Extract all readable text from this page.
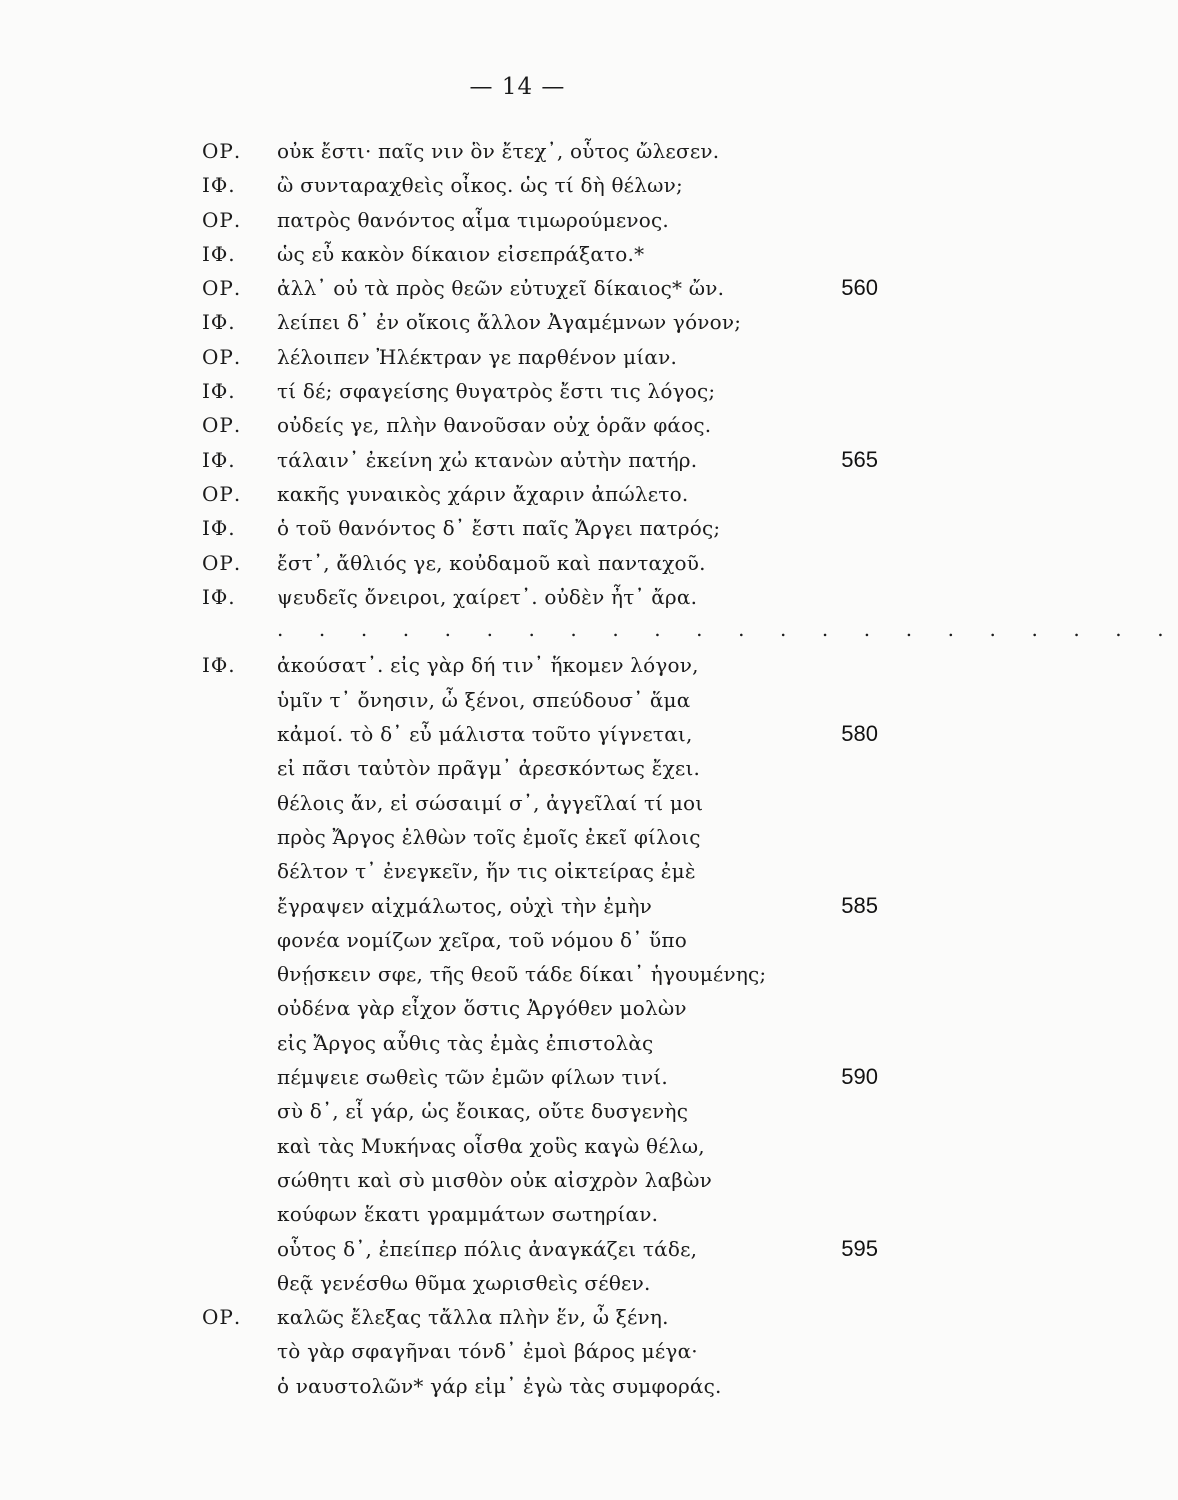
— 14 —
ΟΡ. οὐκ ἔστι· παῖς νιν ὃν ἔτεχ᾽, οὗτος ὤλεσεν.
ΙΦ. ὢ συνταραχθεὶς οἶκος. ὡς τί δὴ θέλων;
ΟΡ. πατρὸς θανόντος αἷμα τιμωρούμενος.
ΙΦ. ὡς εὖ κακὸν δίκαιον εἰσεπράξατο.*
ΟΡ. ἀλλ᾽ οὐ τὰ πρὸς θεῶν εὐτυχεῖ δίκαιος* ὤν.	560
ΙΦ. λείπει δ᾽ ἐν οἴκοις ἄλλον Ἀγαμέμνων γόνον;
ΟΡ. λέλοιπεν Ἠλέκτραν γε παρθένον μίαν.
ΙΦ. τί δέ; σφαγείσης θυγατρὸς ἔστι τις λόγος;
ΟΡ. οὐδείς γε, πλὴν θανοῦσαν οὐχ ὁρᾶν φάος.
ΙΦ. τάλαιν᾽ ἐκείνη χὠ κτανὼν αὐτὴν πατήρ.	565
ΟΡ. κακῆς γυναικὸς χάριν ἄχαριν ἀπώλετο.
ΙΦ. ὁ τοῦ θανόντος δ᾽ ἔστι παῖς Ἄργει πατρός;
ΟΡ. ἔστ᾽, ἄθλιός γε, κοὐδαμοῦ καὶ πανταχοῦ.
ΙΦ. ψευδεῖς ὄνειροι, χαίρετ᾽. οὐδὲν ἦτ᾽ ἄρα.
. . . . . . . . . . . . . . . . . . . . . .
ΙΦ. ἀκούσατ᾽. εἰς γὰρ δή τιν᾽ ἥκομεν λόγον,
ὑμῖν τ᾽ ὄνησιν, ὦ ξένοι, σπεύδουσ᾽ ἅμα
κἀμοί. τὸ δ᾽ εὖ μάλιστα τοῦτο γίγνεται,	580
εἰ πᾶσι ταὐτὸν πρᾶγμ᾽ ἀρεσκόντως ἔχει.
θέλοις ἄν, εἰ σώσαιμί σ᾽, ἀγγεῖλαί τί μοι
πρὸς Ἄργος ἐλθὼν τοῖς ἐμοῖς ἐκεῖ φίλοις
δέλτον τ᾽ ἐνεγκεῖν, ἥν τις οἰκτείρας ἐμὲ
ἔγραψεν αἰχμάλωτος, οὐχὶ τὴν ἐμὴν	585
φονέα νομίζων χεῖρα, τοῦ νόμου δ᾽ ὕπο
θνῄσκειν σφε, τῆς θεοῦ τάδε δίκαι᾽ ἡγουμένης;
οὐδένα γὰρ εἶχον ὅστις Ἀργόθεν μολὼν
εἰς Ἄργος αὖθις τὰς ἐμὰς ἐπιστολὰς
πέμψειε σωθεὶς τῶν ἐμῶν φίλων τινί.	590
σὺ δ᾽, εἶ γάρ, ὡς ἔοικας, οὔτε δυσγενὴς
καὶ τὰς Μυκήνας οἶσθα χοὓς καγὼ θέλω,
σώθητι καὶ σὺ μισθὸν οὐκ αἰσχρὸν λαβὼν
κούφων ἕκατι γραμμάτων σωτηρίαν.
οὗτος δ᾽, ἐπείπερ πόλις ἀναγκάζει τάδε,	595
θεᾷ γενέσθω θῦμα χωρισθεὶς σέθεν.
ΟΡ. καλῶς ἔλεξας τἄλλα πλὴν ἕν, ὦ ξένη.
τὸ γὰρ σφαγῆναι τόνδ᾽ ἐμοὶ βάρος μέγα·
ὁ ναυστολῶν* γάρ εἰμ᾽ ἐγὼ τὰς συμφοράς.
